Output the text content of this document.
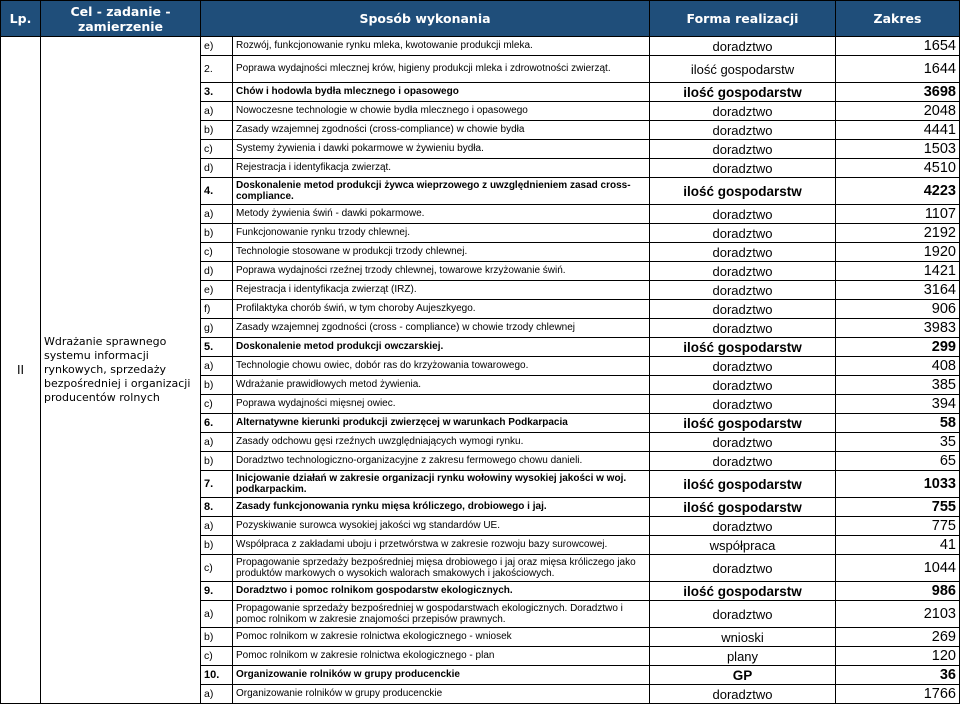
Lp.	Cel - zadanie - zamierzenie	Sposób wykonania		Forma realizacji	Zakres
II	Wdrażanie sprawnego systemu informacji rynkowych, sprzedaży bezpośredniej i organizacji producentów rolnych	e)	Rozwój, funkcjonowanie rynku mleka, kwotowanie produkcji mleka.	doradztwo	1654
		2.	Poprawa wydajności mlecznej krów, higieny produkcji mleka i zdrowotności zwierząt.	ilość gospodarstw	1644
		3.	Chów i hodowla bydła mlecznego i opasowego	ilość gospodarstw	3698
		a)	Nowoczesne technologie w chowie bydła mlecznego i opasowego	doradztwo	2048
		b)	Zasady wzajemnej zgodności (cross-compliance) w chowie bydła	doradztwo	4441
		c)	Systemy żywienia i dawki pokarmowe w żywieniu bydła.	doradztwo	1503
		d)	Rejestracja i identyfikacja zwierząt.	doradztwo	4510
		4.	Doskonalenie metod produkcji żywca wieprzowego z uwzględnieniem zasad cross-compliance.	ilość gospodarstw	4223
		a)	Metody żywienia świń - dawki pokarmowe.	doradztwo	1107
		b)	Funkcjonowanie rynku trzody chlewnej.	doradztwo	2192
		c)	Technologie stosowane w produkcji trzody chlewnej.	doradztwo	1920
		d)	Poprawa wydajności rzeźnej trzody chlewnej, towarowe krzyżowanie świń.	doradztwo	1421
		e)	Rejestracja i identyfikacja zwierząt (IRZ).	doradztwo	3164
		f)	Profilaktyka chorób świń, w tym choroby Aujeszkyego.	doradztwo	906
		g)	Zasady wzajemnej zgodności (cross - compliance) w chowie trzody chlewnej	doradztwo	3983
		5.	Doskonalenie metod produkcji owczarskiej.	ilość gospodarstw	299
		a)	Technologie chowu owiec, dobór ras do krzyżowania towarowego.	doradztwo	408
		b)	Wdrażanie prawidłowych metod żywienia.	doradztwo	385
		c)	Poprawa wydajności mięsnej owiec.	doradztwo	394
		6.	Alternatywne kierunki produkcji zwierzęcej w warunkach Podkarpacia	ilość gospodarstw	58
		a)	Zasady odchowu gęsi rzeźnych uwzględniających wymogi rynku.	doradztwo	35
		b)	Doradztwo technologiczno-organizacyjne z zakresu fermowego chowu danieli.	doradztwo	65
		7.	Inicjowanie działań w zakresie organizacji rynku wołowiny wysokiej jakości w woj. podkarpackim.	ilość gospodarstw	1033
		8.	Zasady funkcjonowania rynku mięsa króliczego, drobiowego i jaj.	ilość gospodarstw	755
		a)	Pozyskiwanie surowca wysokiej jakości wg standardów UE.	doradztwo	775
		b)	Współpraca z zakładami uboju i przetwórstwa w zakresie rozwoju bazy surowcowej.	współpraca	41
		c)	Propagowanie sprzedaży bezpośredniej mięsa drobiowego i jaj oraz mięsa króliczego jako produktów markowych o wysokich walorach smakowych i jakościowych.	doradztwo	1044
		9.	Doradztwo i pomoc rolnikom gospodarstw ekologicznych.	ilość gospodarstw	986
		a)	Propagowanie sprzedaży bezpośredniej w gospodarstwach ekologicznych. Doradztwo i pomoc rolnikom w zakresie znajomości przepisów prawnych.	doradztwo	2103
		b)	Pomoc rolnikom w zakresie rolnictwa ekologicznego - wniosek	wnioski	269
		c)	Pomoc rolnikom w zakresie rolnictwa ekologicznego - plan	plany	120
		10.	Organizowanie rolników w grupy producenckie	GP	36
		a)	Organizowanie rolników w grupy producenckie	doradztwo	1766
